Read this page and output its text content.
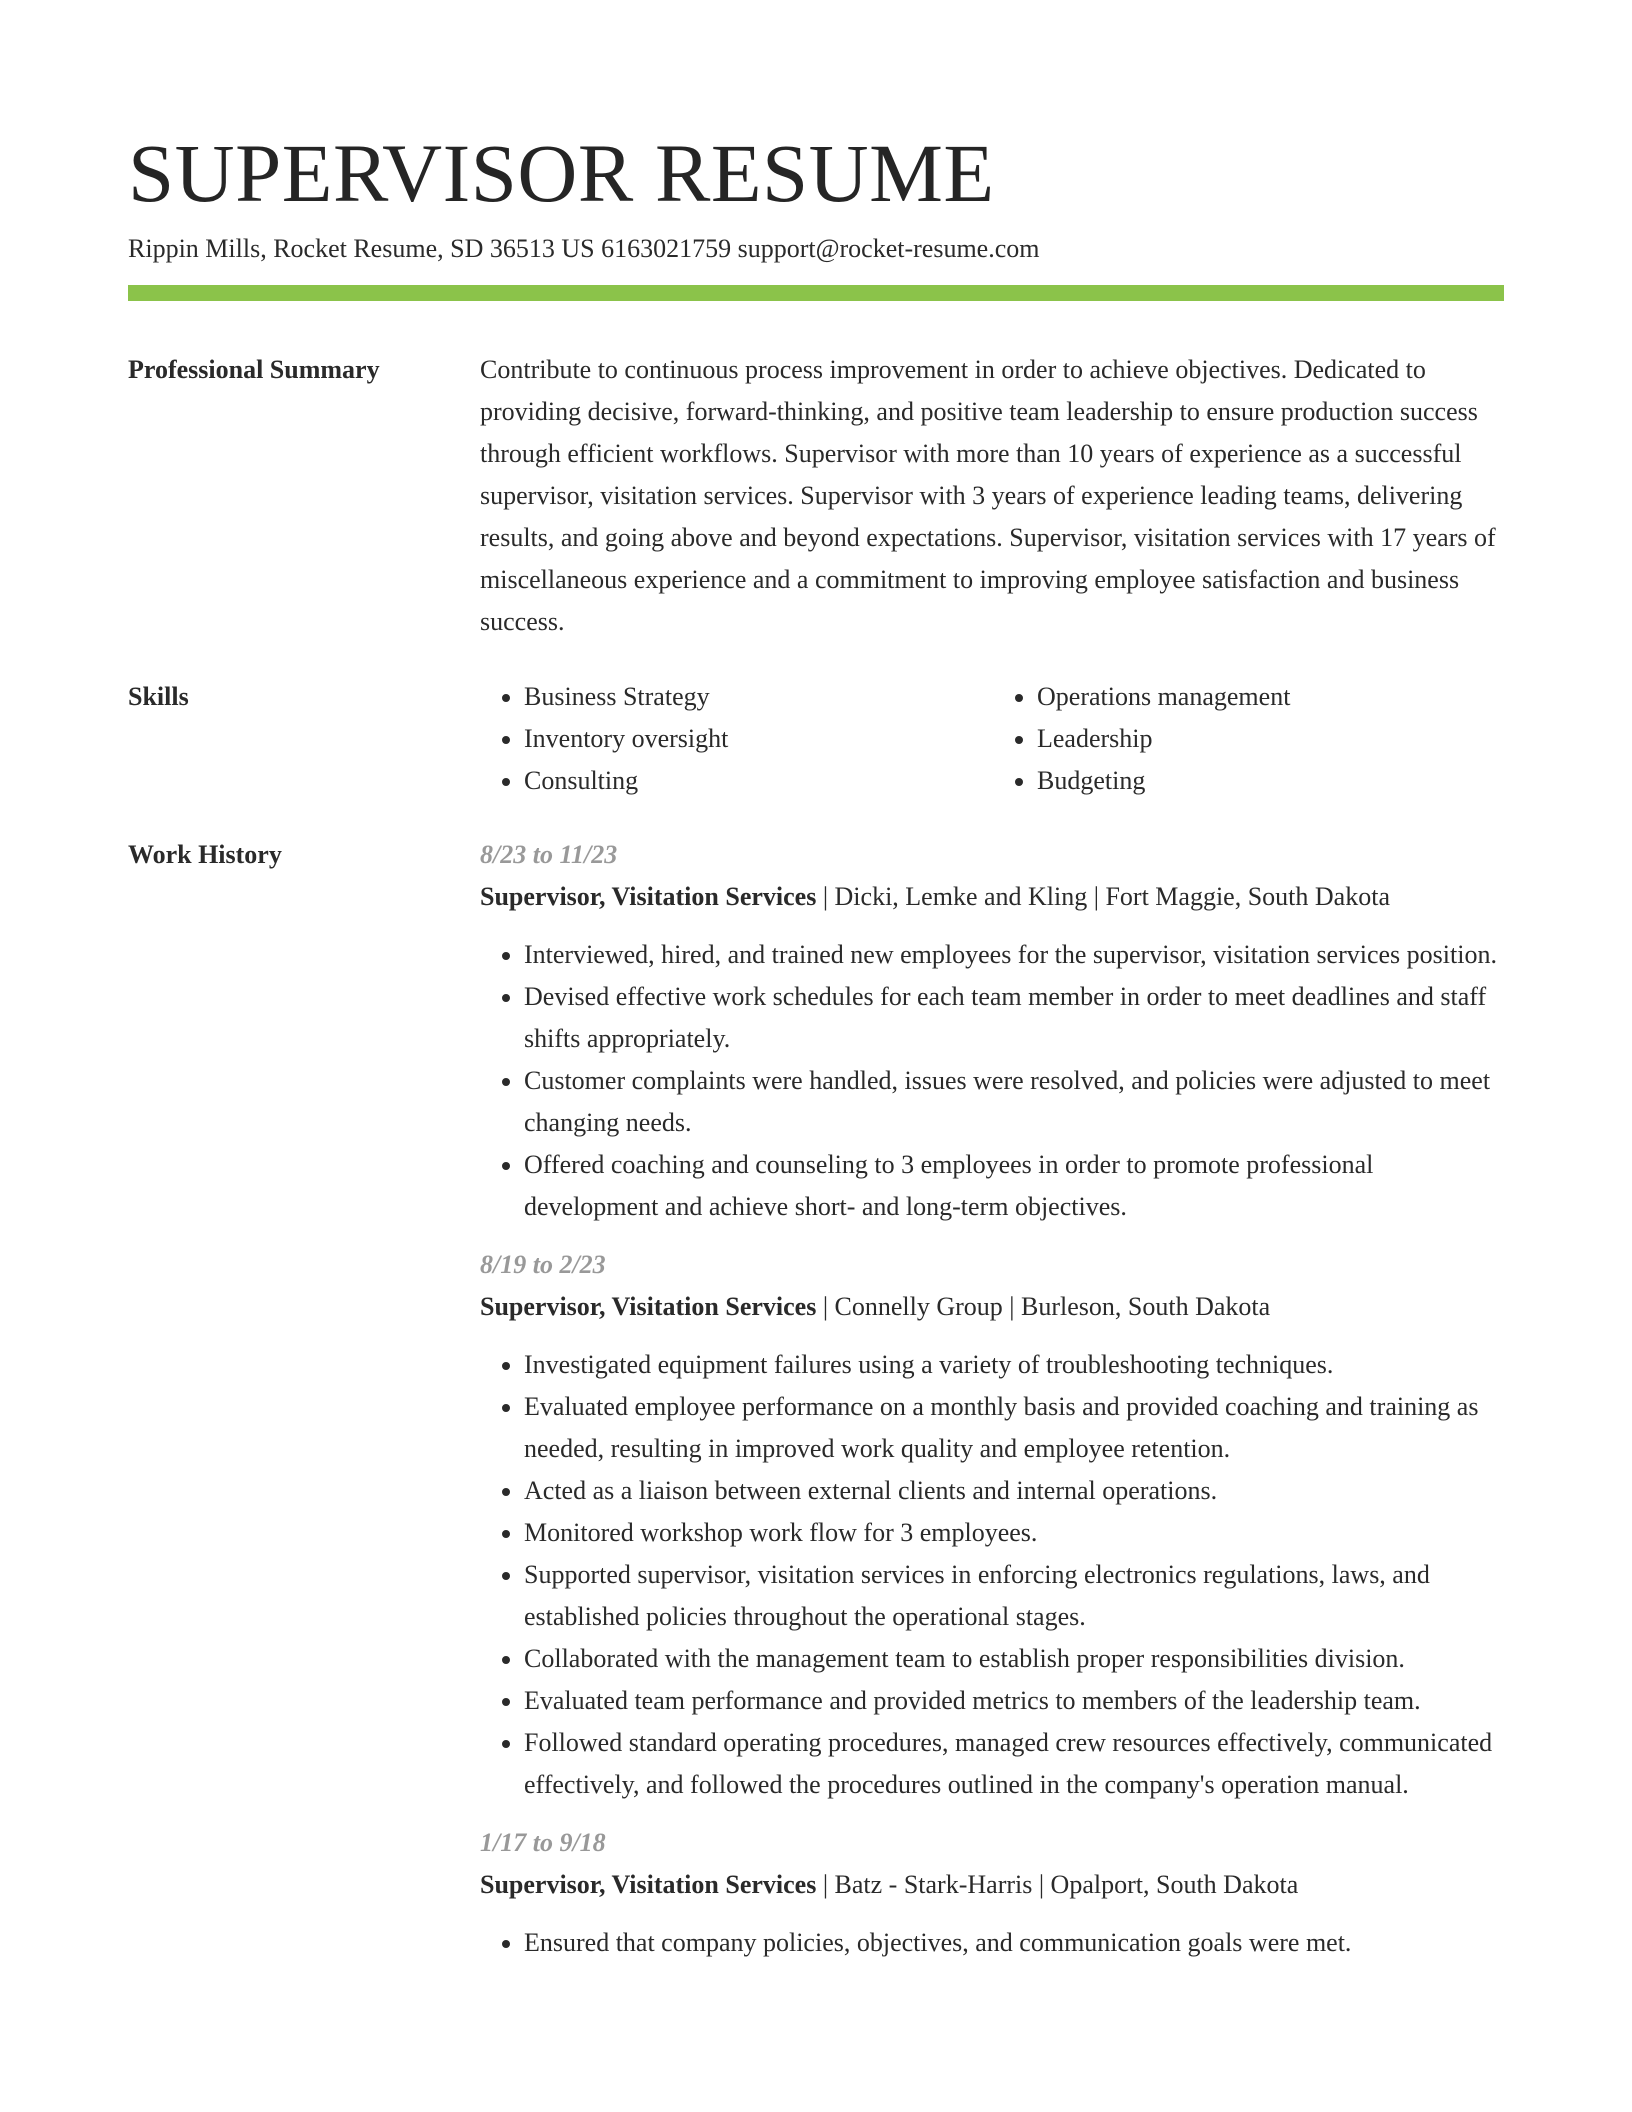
SUPERVISOR RESUME
Rippin Mills, Rocket Resume, SD 36513 US 6163021759 support@rocket-resume.com
Professional Summary	Contribute to continuous process improvement in order to achieve objectives. Dedicated to providing decisive, forward-thinking, and positive team leadership to ensure production success through efficient workflows. Supervisor with more than 10 years of experience as a successful supervisor, visitation services. Supervisor with 3 years of experience leading teams, delivering results, and going above and beyond expectations. Supervisor, visitation services with 17 years of miscellaneous experience and a commitment to improving employee satisfaction and business success.

Skills
•	Business Strategy
• Inventory oversight
• Consulting
• Operations management
• Leadership
• Budgeting
Work History	8/23 to 11/23
Supervisor, Visitation Services | Dicki, Lemke and Kling | Fort Maggie, South Dakota
• Interviewed, hired, and trained new employees for the supervisor, visitation services position.
• Devised effective work schedules for each team member in order to meet deadlines and staff shifts appropriately.
• Customer complaints were handled, issues were resolved, and policies were adjusted to meet changing needs.
• Offered coaching and counseling to 3 employees in order to promote professional development and achieve short- and long-term objectives.
8/19 to 2/23
Supervisor, Visitation Services | Connelly Group | Burleson, South Dakota
• Investigated equipment failures using a variety of troubleshooting techniques.
• Evaluated employee performance on a monthly basis and provided coaching and training as needed, resulting in improved work quality and employee retention.
• Acted as a liaison between external clients and internal operations.
• Monitored workshop work flow for 3 employees.
• Supported supervisor, visitation services in enforcing electronics regulations, laws, and established policies throughout the operational stages.
• Collaborated with the management team to establish proper responsibilities division.
• Evaluated team performance and provided metrics to members of the leadership team.
• Followed standard operating procedures, managed crew resources effectively, communicated effectively, and followed the procedures outlined in the company's operation manual.
1/17 to 9/18
Supervisor, Visitation Services | Batz - Stark-Harris | Opalport, South Dakota
• Ensured that company policies, objectives, and communication goals were met.
